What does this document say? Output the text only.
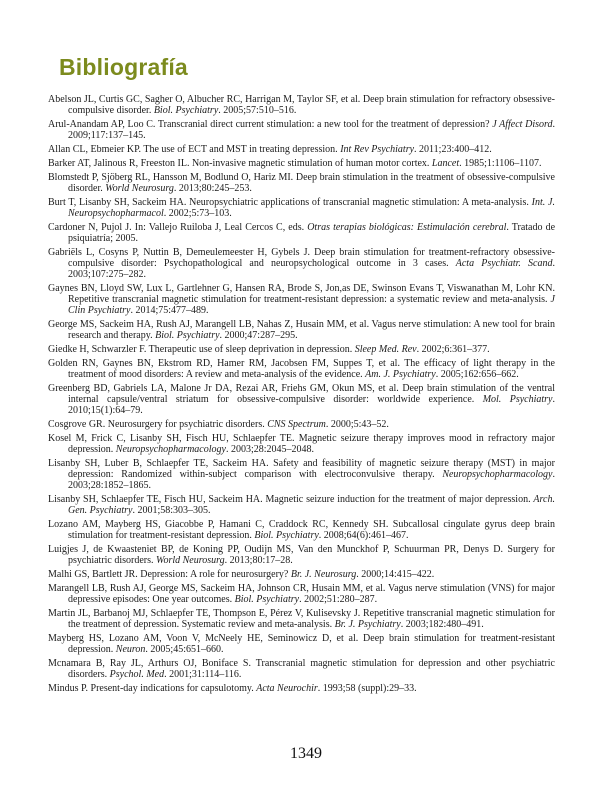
Bibliografía

Abelson JL, Curtis GC, Sagher O, Albucher RC, Harrigan M, Taylor SF, et al. Deep brain stimulation for refractory obsessive-compulsive disorder. Biol. Psychiatry. 2005;57:510–516.

Arul-Anandam AP, Loo C. Transcranial direct current stimulation: a new tool for the treatment of depression? J Affect Disord. 2009;117:137–145.

Allan CL, Ebmeier KP. The use of ECT and MST in treating depression. Int Rev Psychiatry. 2011;23:400–412.

Barker AT, Jalinous R, Freeston IL. Non-invasive magnetic stimulation of human motor cortex. Lancet. 1985;1:1106–1107.

Blomstedt P, Sjöberg RL, Hansson M, Bodlund O, Hariz MI. Deep brain stimulation in the treatment of obsessive-compulsive disorder. World Neurosurg. 2013;80:245–253.

Burt T, Lisanby SH, Sackeim HA. Neuropsychiatric applications of transcranial magnetic stimulation: A meta-analysis. Int. J. Neuropsychopharmacol. 2002;5:73–103.

Cardoner N, Pujol J. In: Vallejo Ruiloba J, Leal Cercos C, eds. Otras terapias biológicas: Estimulación cerebral. Tratado de psiquiatría; 2005.

Gabriëls L, Cosyns P, Nuttin B, Demeulemeester H, Gybels J. Deep brain stimulation for treatment-refractory obsessive-compulsive disorder: Psychopathological and neuropsychological outcome in 3 cases. Acta Psychiatr. Scand. 2003;107:275–282.

Gaynes BN, Lloyd SW, Lux L, Gartlehner G, Hansen RA, Brode S, Jon,as DE, Swinson Evans T, Viswanathan M, Lohr KN. Repetitive transcranial magnetic stimulation for treatment-resistant depression: a systematic review and meta-analysis. J Clin Psychiatry. 2014;75:477–489.

George MS, Sackeim HA, Rush AJ, Marangell LB, Nahas Z, Husain MM, et al. Vagus nerve stimulation: A new tool for brain research and therapy. Biol. Psychiatry. 2000;47:287–295.

Giedke H, Schwarzler F. Therapeutic use of sleep deprivation in depression. Sleep Med. Rev. 2002;6:361–377.

Golden RN, Gaynes BN, Ekstrom RD, Hamer RM, Jacobsen FM, Suppes T, et al. The efficacy of light therapy in the treatment of mood disorders: A review and meta-analysis of the evidence. Am. J. Psychiatry. 2005;162:656–662.

Greenberg BD, Gabriels LA, Malone Jr DA, Rezai AR, Friehs GM, Okun MS, et al. Deep brain stimulation of the ventral internal capsule/ventral striatum for obsessive-compulsive disorder: worldwide experience. Mol. Psychiatry. 2010;15(1):64–79.

Cosgrove GR. Neurosurgery for psychiatric disorders. CNS Spectrum. 2000;5:43–52.

Kosel M, Frick C, Lisanby SH, Fisch HU, Schlaepfer TE. Magnetic seizure therapy improves mood in refractory major depression. Neuropsychopharmacology. 2003;28:2045–2048.

Lisanby SH, Luber B, Schlaepfer TE, Sackeim HA. Safety and feasibility of magnetic seizure therapy (MST) in major depression: Randomized within-subject comparison with electroconvulsive therapy. Neuropsychopharmacology. 2003;28:1852–1865.

Lisanby SH, Schlaepfer TE, Fisch HU, Sackeim HA. Magnetic seizure induction for the treatment of major depression. Arch. Gen. Psychiatry. 2001;58:303–305.

Lozano AM, Mayberg HS, Giacobbe P, Hamani C, Craddock RC, Kennedy SH. Subcallosal cingulate gyrus deep brain stimulation for treatment-resistant depression. Biol. Psychiatry. 2008;64(6):461–467.

Luigjes J, de Kwaasteniet BP, de Koning PP, Oudijn MS, Van den Munckhof P, Schuurman PR, Denys D. Surgery for psychiatric disorders. World Neurosurg. 2013;80:17–28.

Malhi GS, Bartlett JR. Depression: A role for neurosurgery? Br. J. Neurosurg. 2000;14:415–422.

Marangell LB, Rush AJ, George MS, Sackeim HA, Johnson CR, Husain MM, et al. Vagus nerve stimulation (VNS) for major depressive episodes: One year outcomes. Biol. Psychiatry. 2002;51:280–287.

Martin JL, Barbanoj MJ, Schlaepfer TE, Thompson E, Pérez V, Kulisevsky J. Repetitive transcranial magnetic stimulation for the treatment of depression. Systematic review and meta-analysis. Br. J. Psychiatry. 2003;182:480–491.

Mayberg HS, Lozano AM, Voon V, McNeely HE, Seminowicz D, et al. Deep brain stimulation for treatment-resistant depression. Neuron. 2005;45:651–660.

Mcnamara B, Ray JL, Arthurs OJ, Boniface S. Transcranial magnetic stimulation for depression and other psychiatric disorders. Psychol. Med. 2001;31:114–116.

Mindus P. Present-day indications for capsulotomy. Acta Neurochir. 1993;58 (suppl):29–33.

1349
